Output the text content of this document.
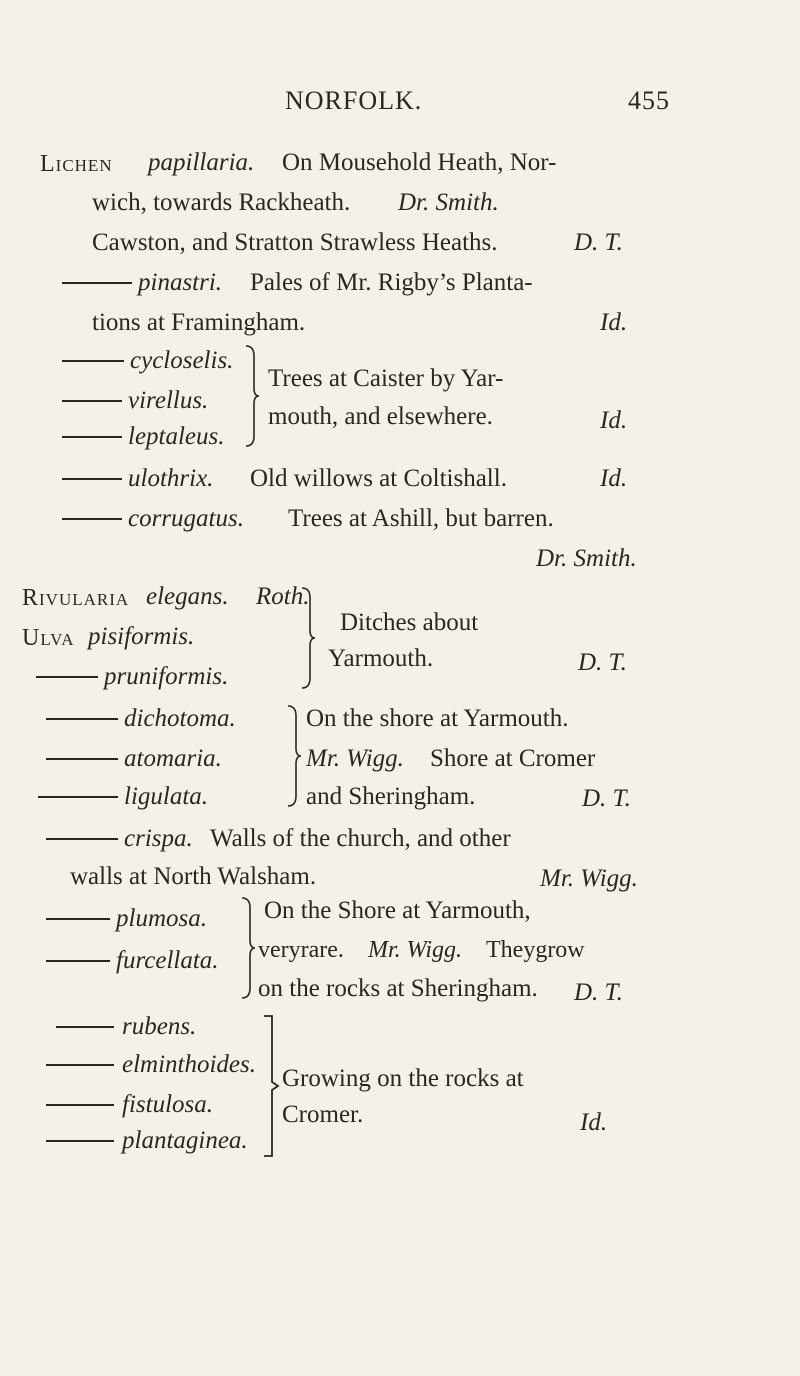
NORFOLK.	455
Lichen papillaria. On Mousehold Heath, Nor-
wich, towards Rackheath. Dr. Smith.
Cawston, and Stratton Strawless Heaths.	D. T.
pinastri. Pales of Mr. Rigby’s Planta-
tions at Framingham.	Id.
cycloselis.
virellus.
leptaleus.
Trees at Caister by Yar-
mouth, and elsewhere.	Id.
ulothrix. Old willows at Coltishall.	Id.
corrugatus. Trees at Ashill, but barren.
Dr. Smith.
Rivularia elegans. Roth.
Ulva pisiformis.
pruniformis.
Ditches about
Yarmouth.	D. T.
dichotoma.
atomaria.
ligulata.
On the shore at Yarmouth.
Mr. Wigg. Shore at Cromer
and Sheringham.	D. T.
crispa. Walls of the church, and other
walls at North Walsham.	Mr. Wigg.
plumosa.
furcellata.
On the Shore at Yarmouth,
veryrare. Mr. Wigg. Theygrow
on the rocks at Sheringham. D. T.
rubens.
elminthoides.
fistulosa.
plantaginea.
Growing on the rocks at
Cromer.	Id.
